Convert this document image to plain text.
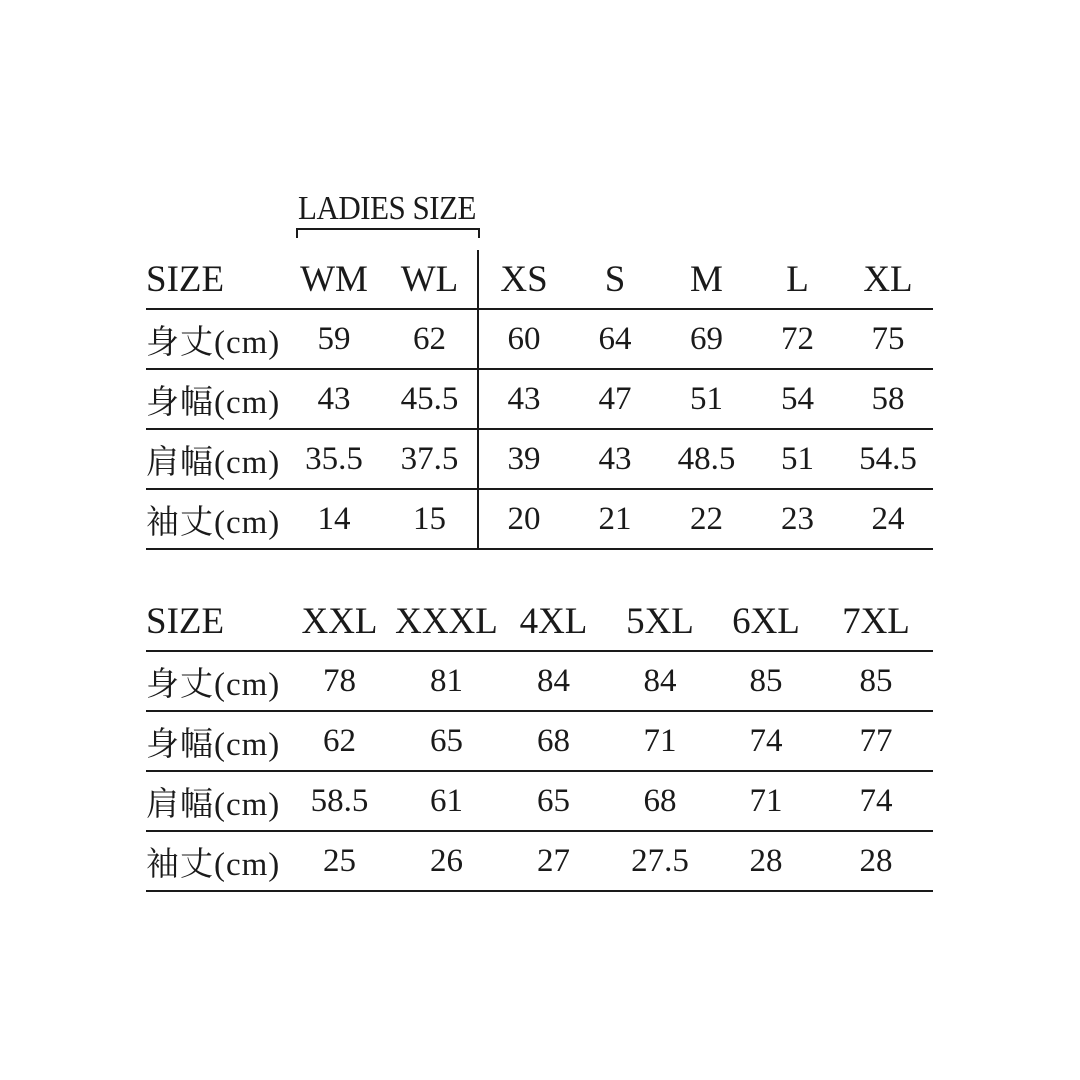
LADIES SIZE
SIZE	WM	WL	XS	S	M	L	XL
身丈(cm)	59	62	60	64	69	72	75
身幅(cm)	43	45.5	43	47	51	54	58
肩幅(cm)	35.5	37.5	39	43	48.5	51	54.5
袖丈(cm)	14	15	20	21	22	23	24
SIZE	XXL	XXXL	4XL	5XL	6XL	7XL
身丈(cm)	78	81	84	84	85	85
身幅(cm)	62	65	68	71	74	77
肩幅(cm)	58.5	61	65	68	71	74
袖丈(cm)	25	26	27	27.5	28	28
